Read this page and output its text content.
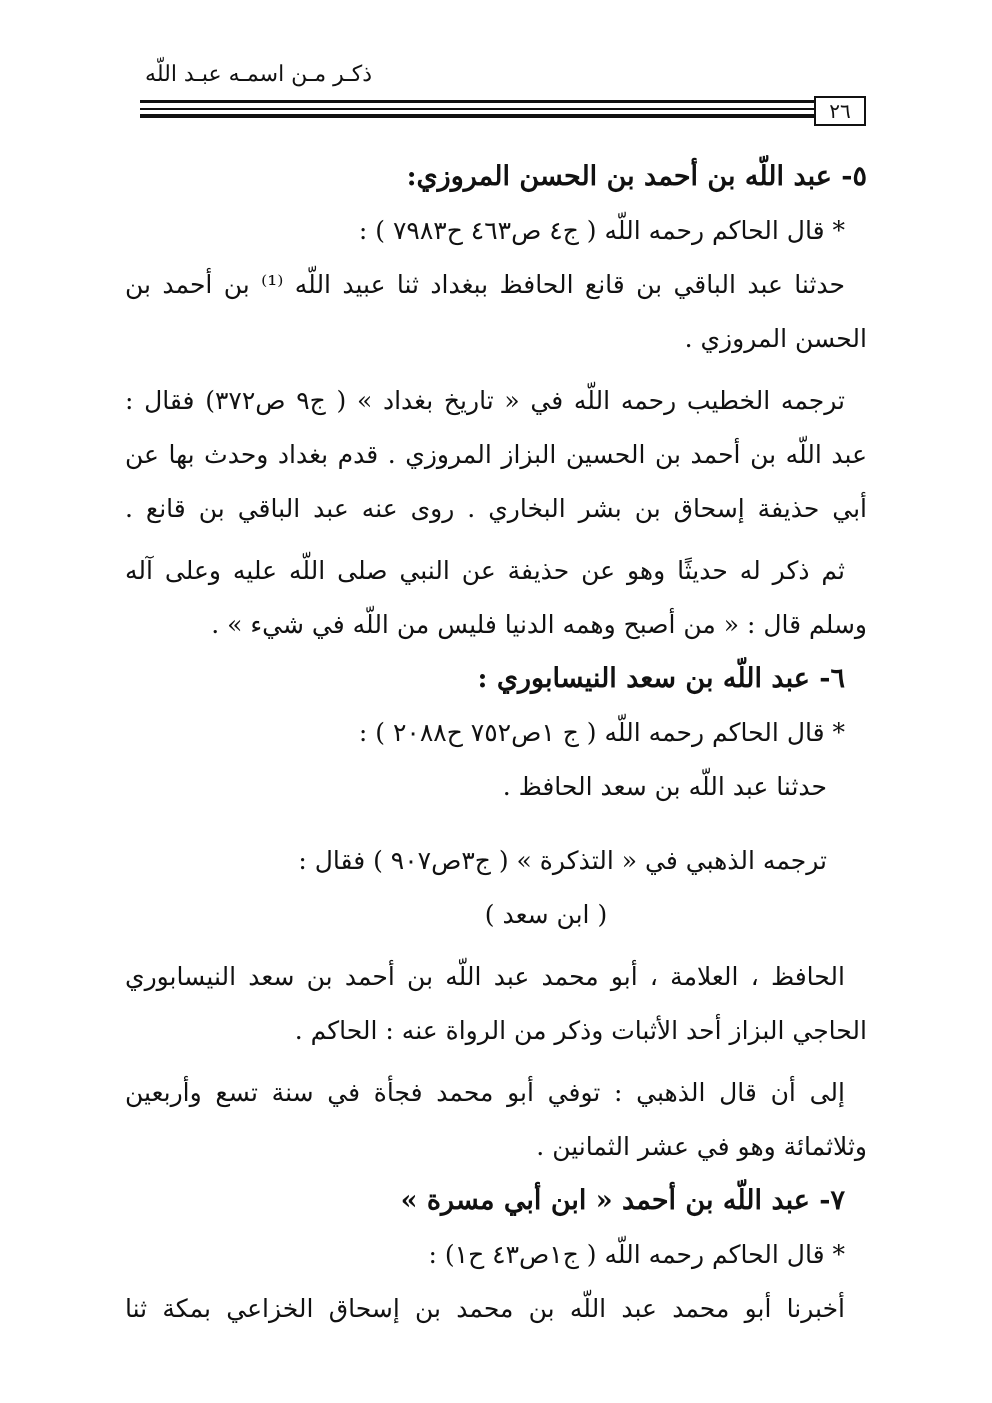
ذكـر مـن اسمـه عبـد اللّه
٢٦
٥- عبد اللّه بن أحمد بن الحسن المروزي:
* قال الحاكم رحمه اللّه ( ج٤ ص٤٦٣ ح٧٩٨٣ ) :
حدثنا عبد الباقي بن قانع الحافظ ببغداد ثنا عبيد اللّه ⁽¹⁾ بن أحمد بن
الحسن المروزي .
ترجمه الخطيب رحمه اللّه في « تاريخ بغداد » ( ج٩ ص٣٧٢) فقال :
عبد اللّه بن أحمد بن الحسين البزاز المروزي . قدم بغداد وحدث بها عن
أبي حذيفة إسحاق بن بشر البخاري . روى عنه عبد الباقي بن قانع .
ثم ذكر له حديثًا وهو عن حذيفة عن النبي صلى اللّه عليه وعلى آله
وسلم قال : « من أصبح وهمه الدنيا فليس من اللّه في شيء » .
٦- عبد اللّه بن سعد النيسابوري :
* قال الحاكم رحمه اللّه ( ج ١ص٧٥٢ ح٢٠٨٨ ) :
حدثنا عبد اللّه بن سعد الحافظ .
ترجمه الذهبي في « التذكرة » ( ج٣ص٩٠٧ ) فقال :
( ابن سعد )
الحافظ ، العلامة ، أبو محمد عبد اللّه بن أحمد بن سعد النيسابوري
الحاجي البزاز أحد الأثبات وذكر من الرواة عنه : الحاكم .
إلى أن قال الذهبي : توفي أبو محمد فجأة في سنة تسع وأربعين
وثلاثمائة وهو في عشر الثمانين .
٧- عبد اللّه بن أحمد « ابن أبي مسرة »
* قال الحاكم رحمه اللّه ( ج١ص٤٣ ح١) :
أخبرنا أبو محمد عبد اللّه بن محمد بن إسحاق الخزاعي بمكة ثنا
